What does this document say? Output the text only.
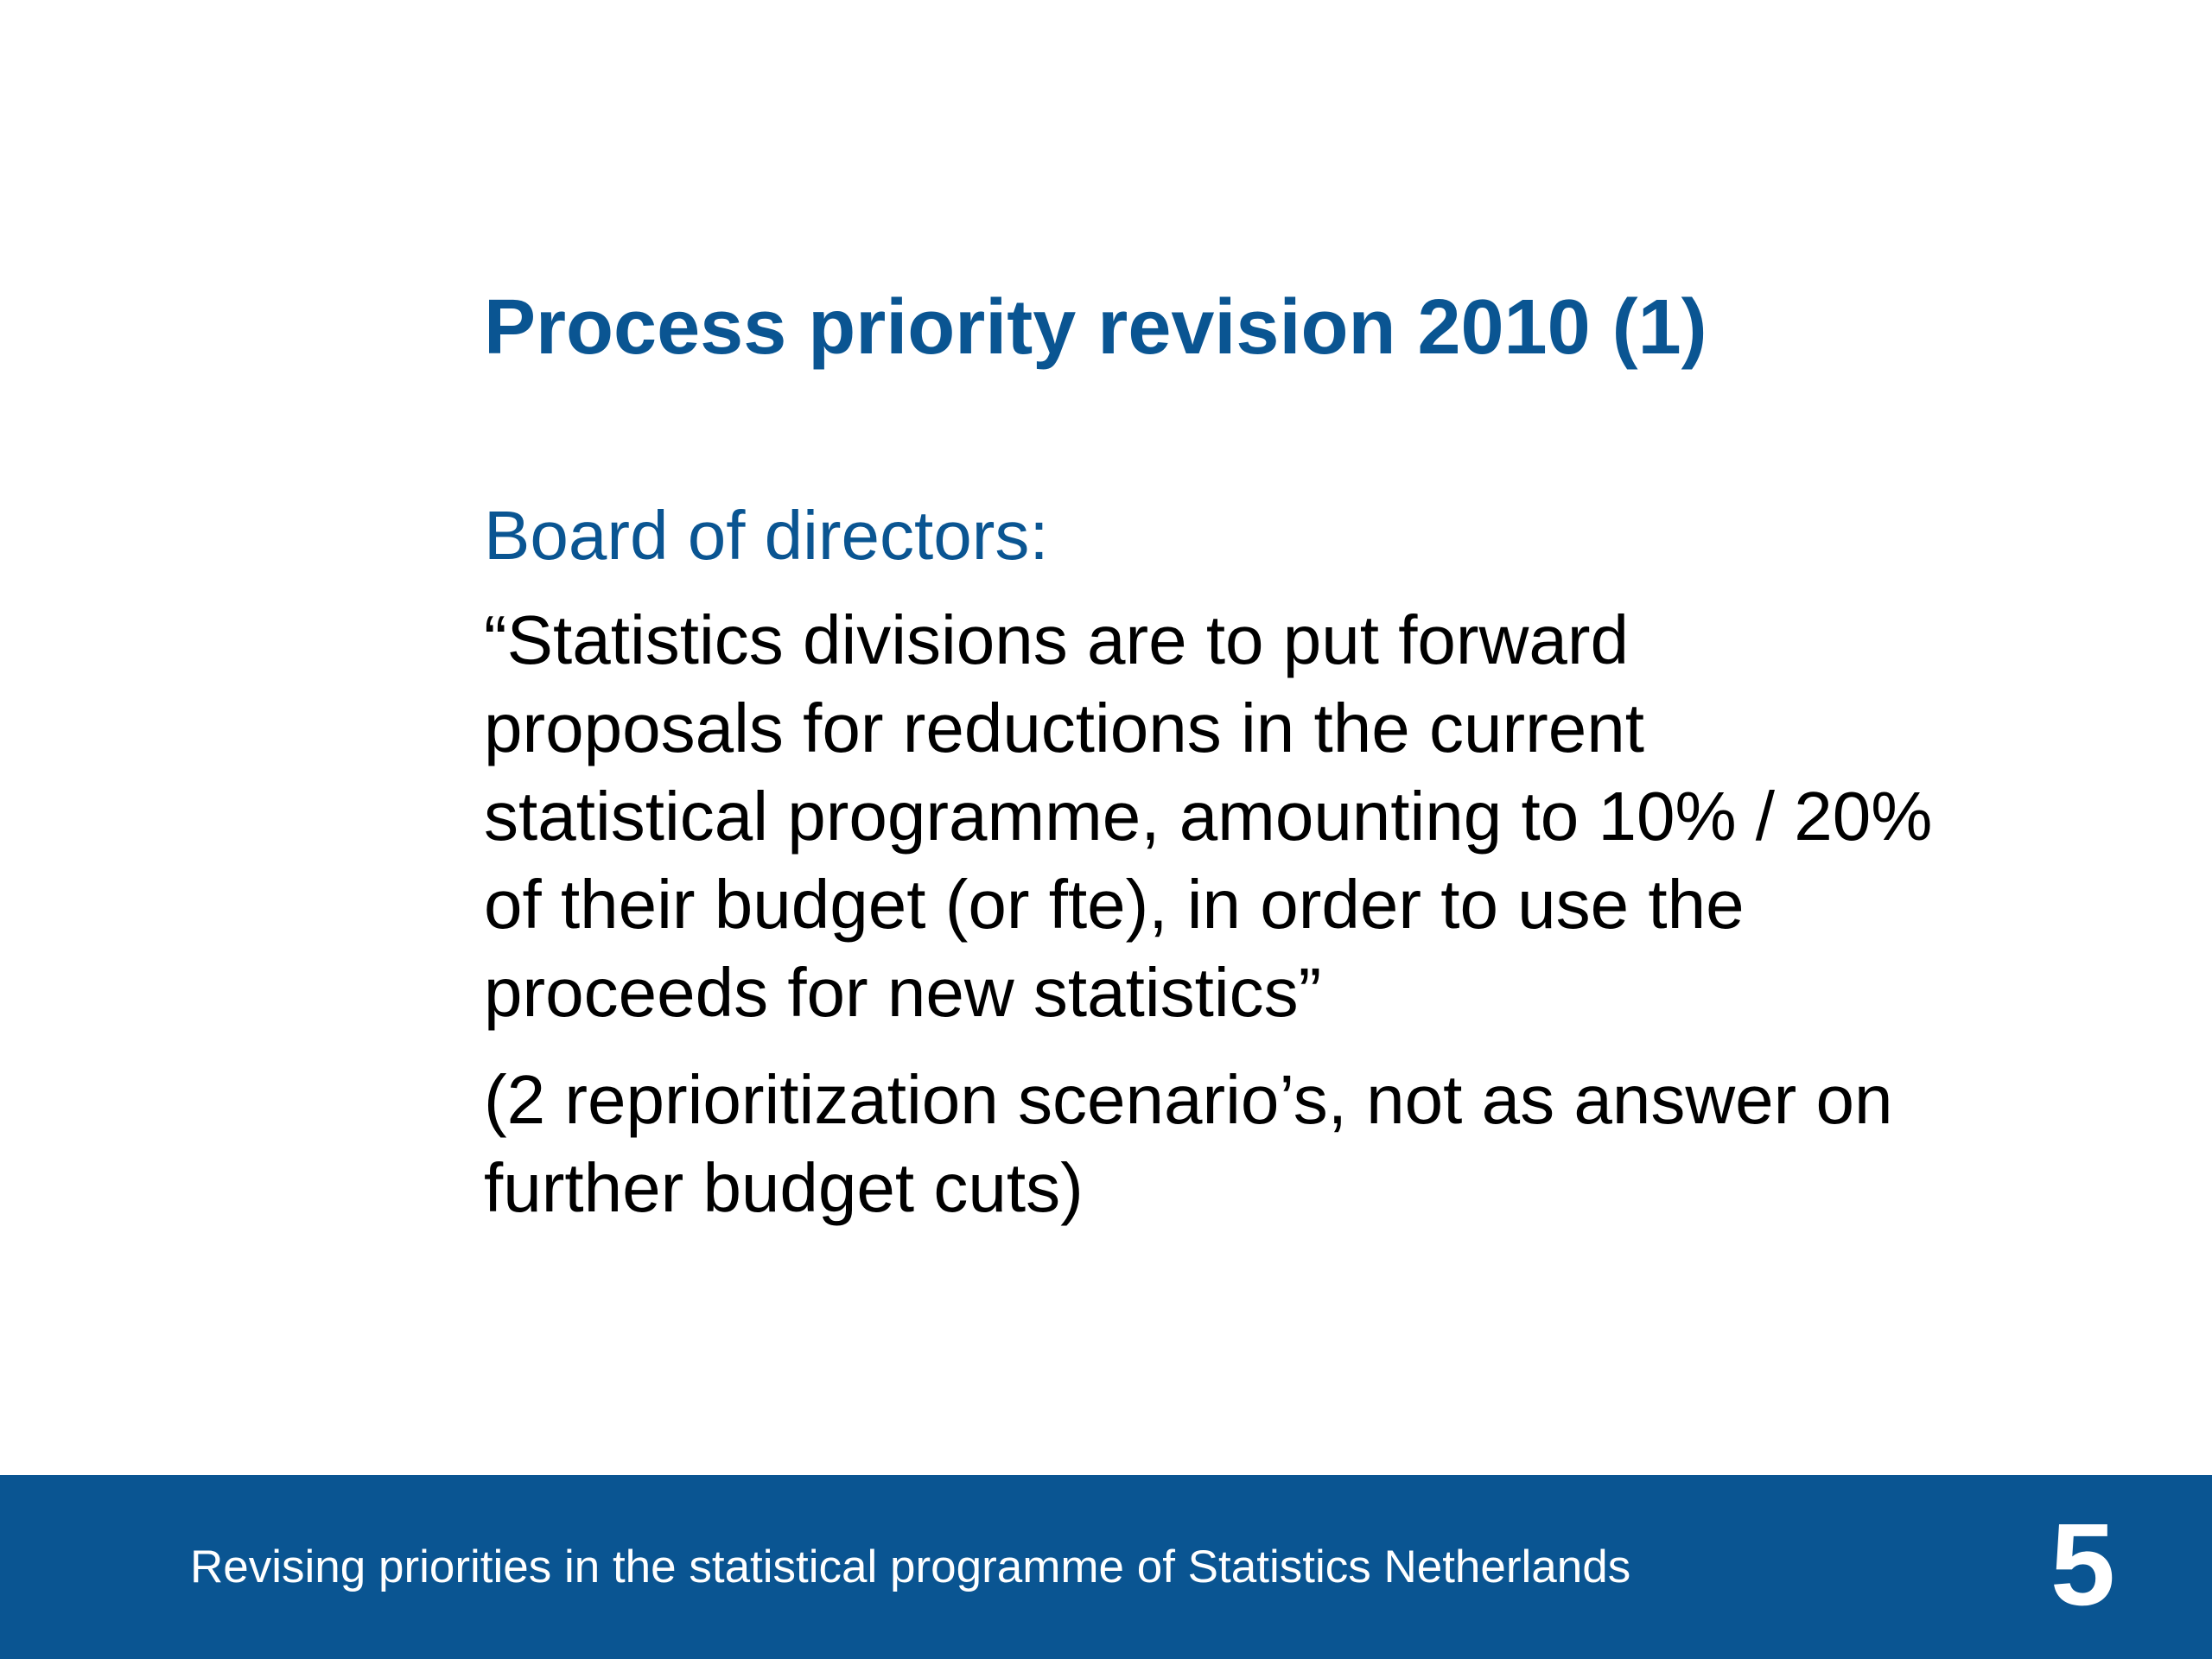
Process priority revision 2010 (1)

Board of directors:

“Statistics divisions are to put forward
proposals for reductions in the current
statistical programme, amounting to 10% / 20%
of their budget (or fte), in order to use the
proceeds for new statistics”

(2 reprioritization scenario’s, not as answer on
further budget cuts)

Revising priorities in the statistical programme of Statistics Netherlands	5
